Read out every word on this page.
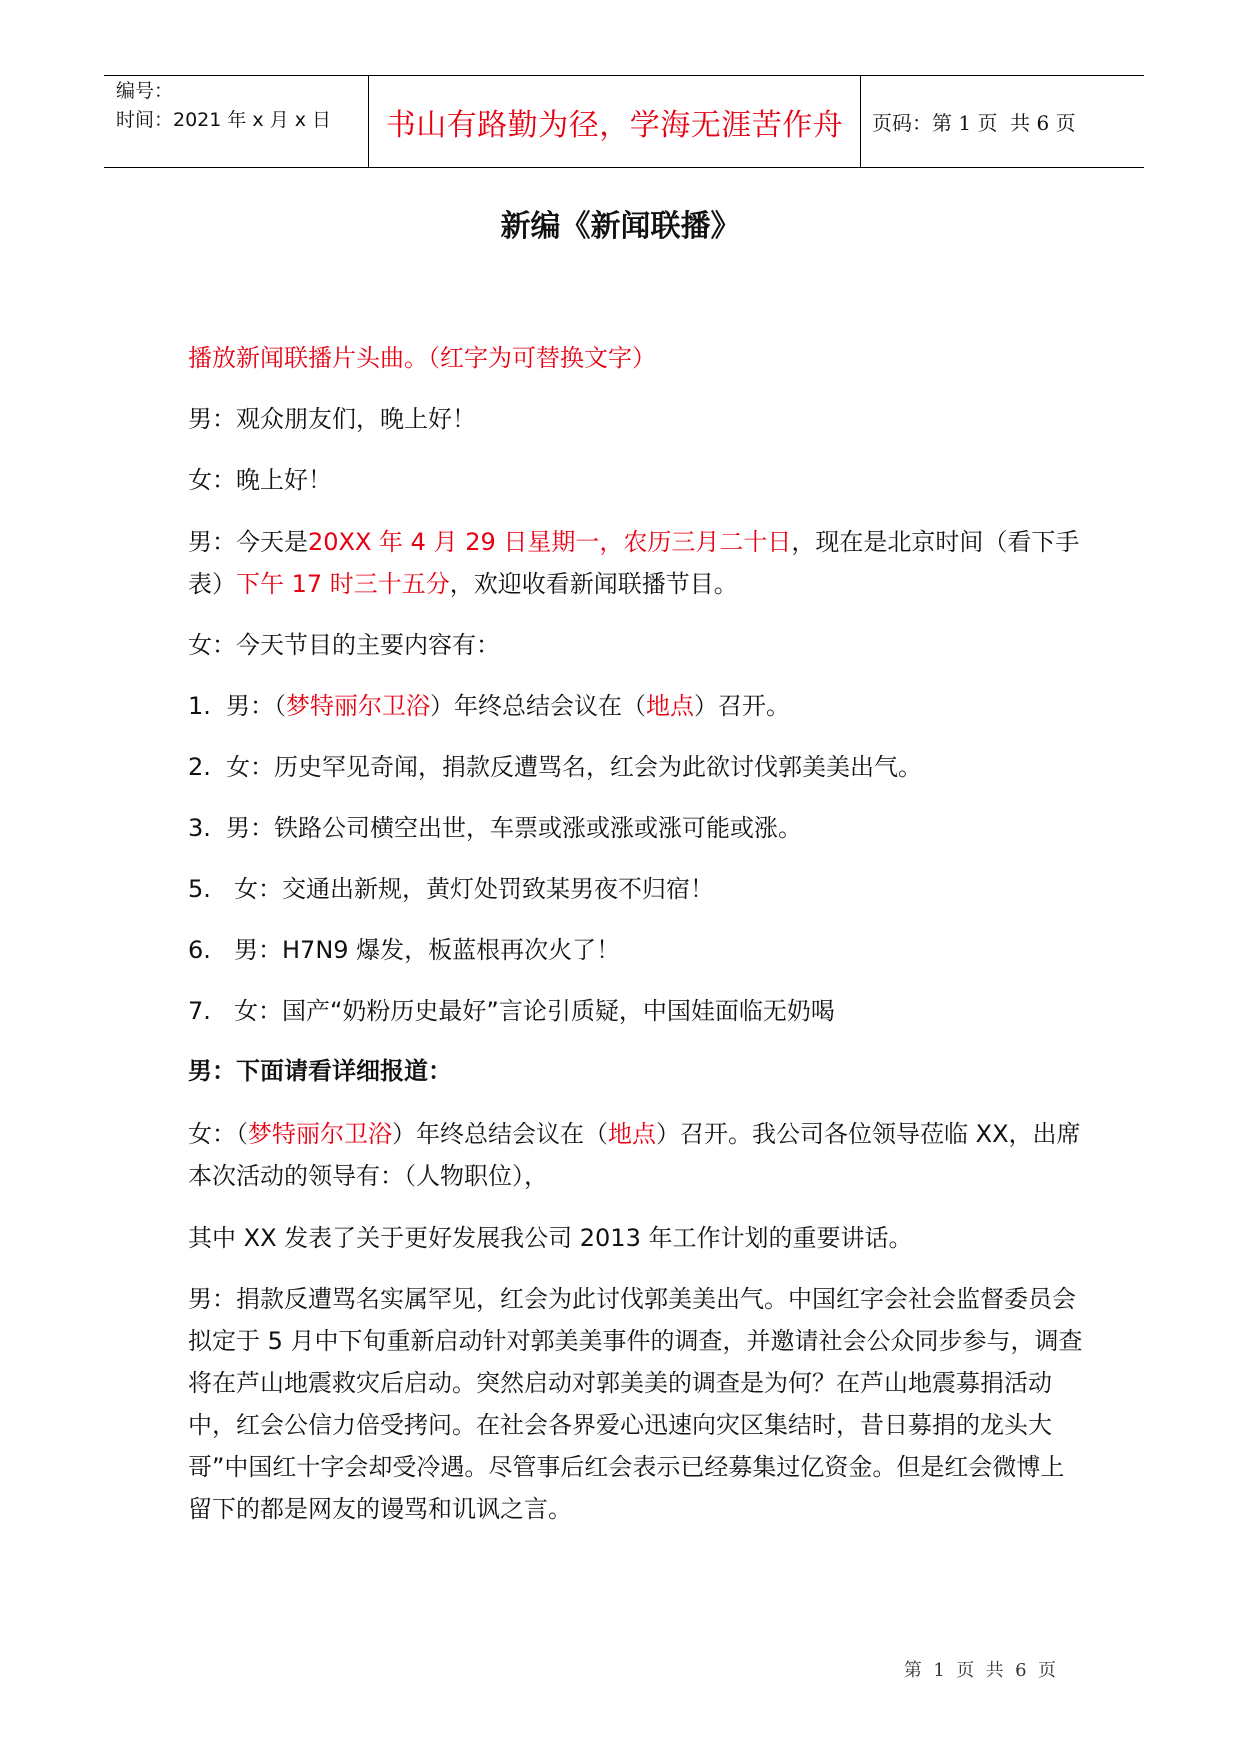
编号：
时间：2021 年 x 月 x 日	书山有路勤为径，学海无涯苦作舟	页码：第 1 页  共 6 页
新编《新闻联播》

播放新闻联播片头曲。（红字为可替换文字）

男：观众朋友们，晚上好！

女：晚上好！

男：今天是20XX 年 4 月 29 日星期一，农历三月二十日，现在是北京时间（看下手表）下午 17 时三十五分，欢迎收看新闻联播节目。

女：今天节目的主要内容有：

1. 男：（梦特丽尔卫浴）年终总结会议在（地点）召开。

2. 女：历史罕见奇闻，捐款反遭骂名，红会为此欲讨伐郭美美出气。

3. 男：铁路公司横空出世，车票或涨或涨或涨可能或涨。

5. 女：交通出新规，黄灯处罚致某男夜不归宿！

6. 男：H7N9 爆发，板蓝根再次火了！

7. 女：国产“奶粉历史最好”言论引质疑，中国娃面临无奶喝

男：下面请看详细报道：

女：（梦特丽尔卫浴）年终总结会议在（地点）召开。我公司各位领导莅临 XX，出席本次活动的领导有：（人物职位），

其中 XX 发表了关于更好发展我公司 2013 年工作计划的重要讲话。

男：捐款反遭骂名实属罕见，红会为此讨伐郭美美出气。中国红字会社会监督委员会拟定于 5 月中下旬重新启动针对郭美美事件的调查，并邀请社会公众同步参与，调查将在芦山地震救灾后启动。突然启动对郭美美的调查是为何？在芦山地震募捐活动中，红会公信力倍受拷问。在社会各界爱心迅速向灾区集结时，昔日募捐的龙头大哥”中国红十字会却受冷遇。尽管事后红会表示已经募集过亿资金。但是红会微博上留下的都是网友的谩骂和讥讽之言。

第  1  页  共  6  页
